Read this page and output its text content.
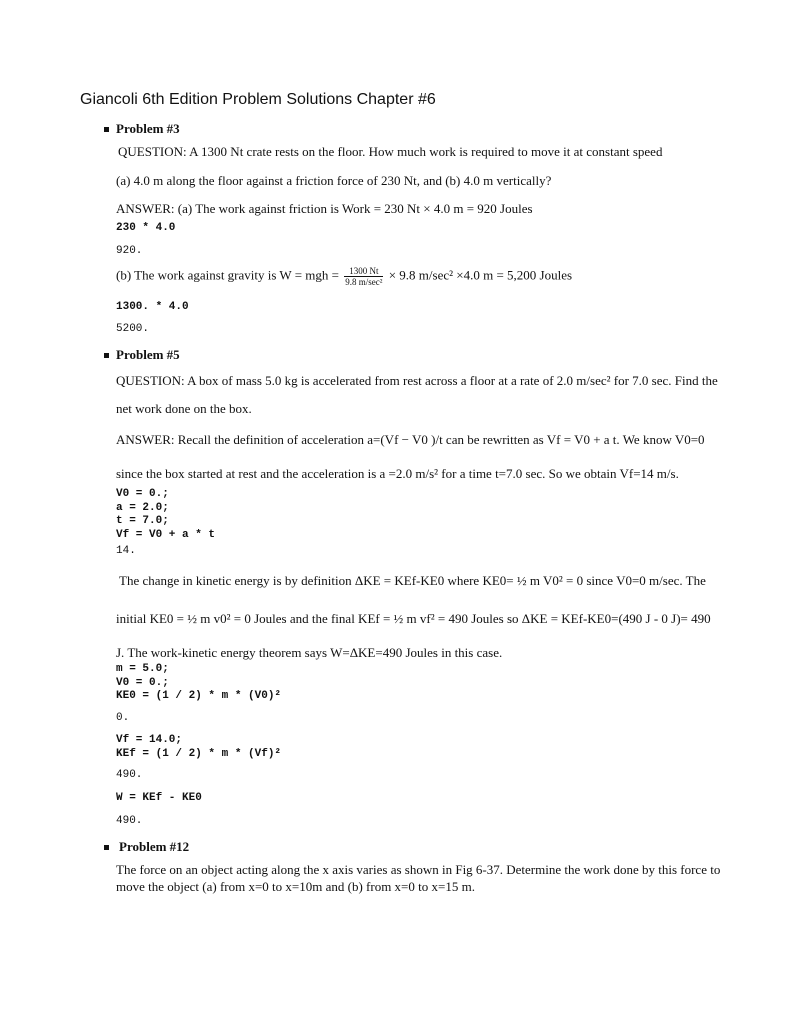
Giancoli 6th Edition Problem Solutions Chapter #6
Problem #3
QUESTION: A 1300 Nt crate rests on the floor. How much work is required to move it at constant speed
(a) 4.0 m along the floor against a friction force of 230 Nt, and (b) 4.0 m vertically?
ANSWER: (a) The work against friction is Work = 230 Nt × 4.0 m = 920 Joules
230 * 4.0
920.
(b) The work against gravity is W = mgh = $\frac{1300 Nt}{\text{9.8 m/sec²}} \times 9.8$ m/sec² ×4.0 m = 5,200 Joules
1300. * 4.0
5200.
Problem #5
QUESTION: A box of mass 5.0 kg is accelerated from rest across a floor at a rate of 2.0 m/sec² for 7.0 sec. Find the
net work done on the box.
ANSWER: Recall the definition of acceleration a=(Vf − V0 )/t can be rewritten as Vf = V0 + a t. We know V0=0
since the box started at rest and the acceleration is a =2.0 m/s² for a time t=7.0 sec. So we obtain Vf=14 m/s.
V0 = 0.;
a = 2.0;
t = 7.0;
Vf = V0 + a * t
14.
The change in kinetic energy is by definition ΔKE = KEf-KE0 where KE0= ½ m V0² = 0 since V0=0 m/sec. The
initial KE0 = ½ m v0² = 0 Joules and the final KEf = ½ m vf² = 490 Joules so ΔKE = KEf-KE0=(490 J - 0 J)= 490
J. The work-kinetic energy theorem says W=ΔKE=490 Joules in this case.
m = 5.0;
V0 = 0.;
KE0 = (1 / 2) * m * (V0)²
0.
Vf = 14.0;
KEf = (1 / 2) * m * (Vf)²
490.
W = KEf - KE0
490.
Problem #12
The force on an object acting along the x axis varies as shown in Fig 6-37. Determine the work done by this force to
move the object (a) from x=0 to x=10m and (b) from x=0 to x=15 m.
